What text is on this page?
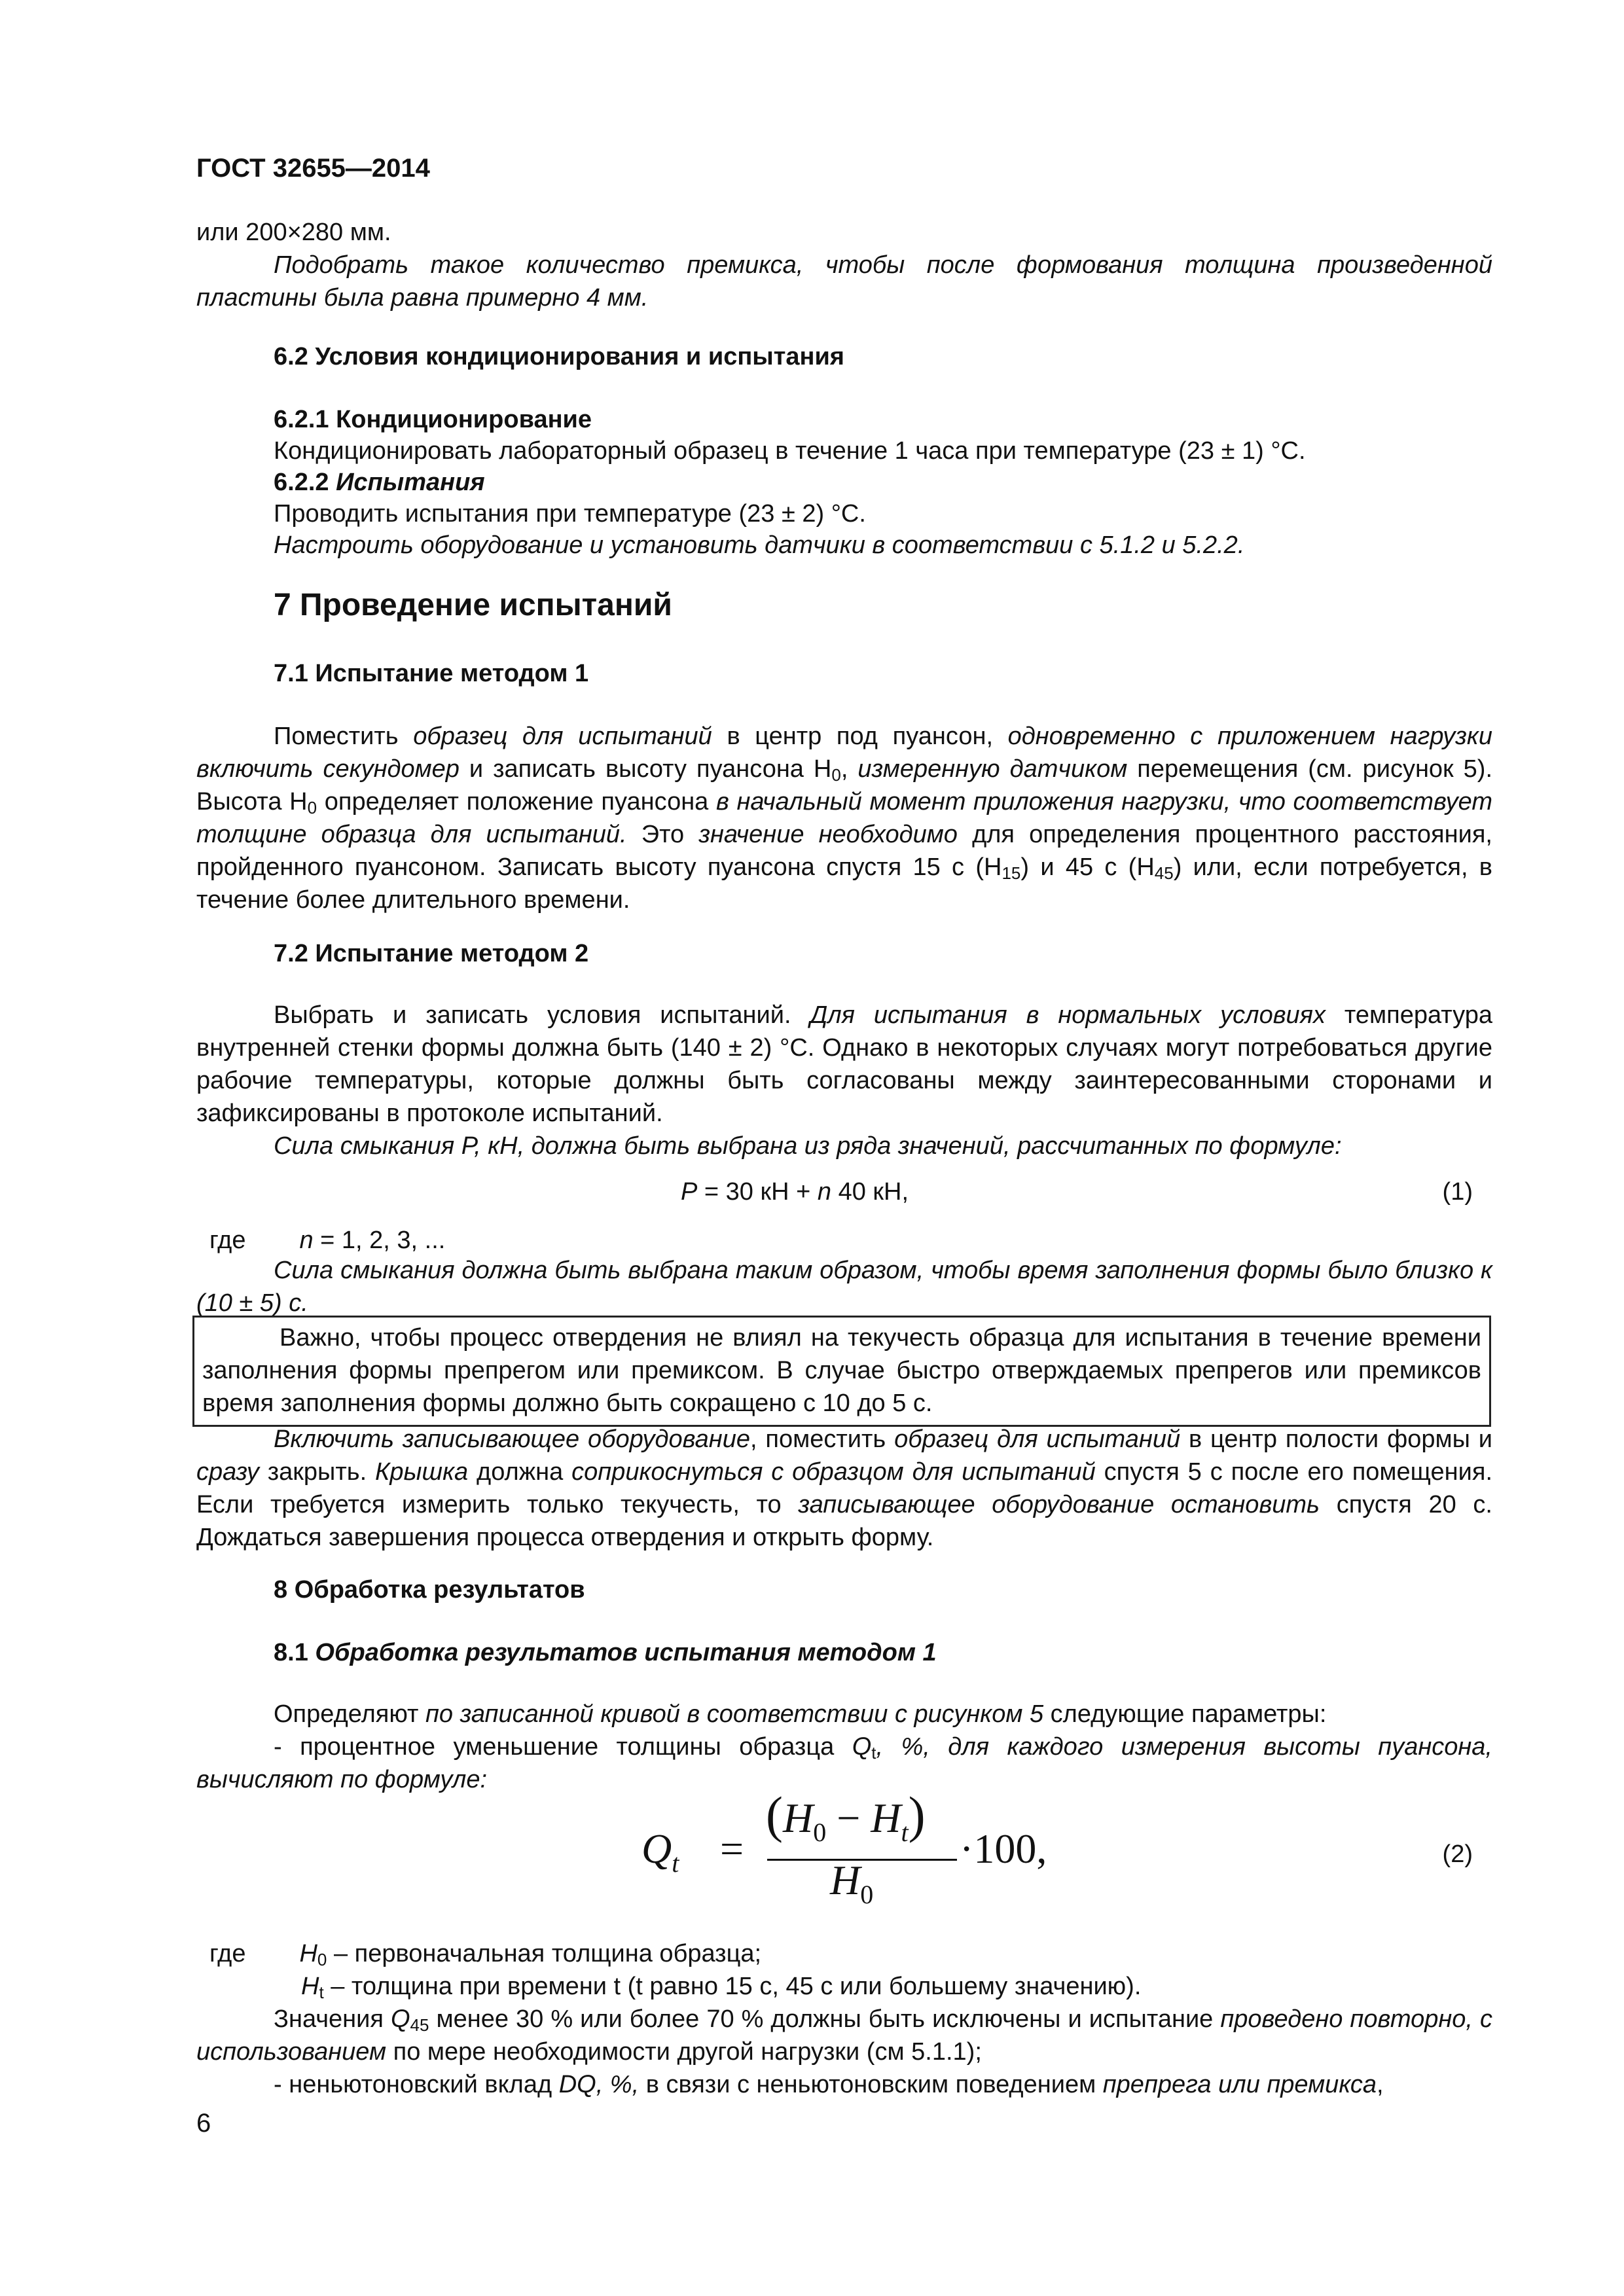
ГОСТ 32655—2014
или 200×280 мм.
Подобрать такое количество премикса, чтобы после формования толщина произведенной пластины была равна примерно 4 мм.
6.2 Условия кондиционирования и испытания
6.2.1 Кондиционирование
Кондиционировать лабораторный образец в течение 1 часа при температуре (23 ± 1) °С.
6.2.2 Испытания
Проводить испытания при температуре (23 ± 2) °С.
Настроить оборудование и установить датчики в соответствии с 5.1.2 и 5.2.2.
7 Проведение испытаний
7.1 Испытание методом 1
Поместить образец для испытаний в центр под пуансон, одновременно с приложением нагрузки включить секундомер и записать высоту пуансона $H_0$, измеренную датчиком перемещения (см. рисунок 5). Высота $H_0$ определяет положение пуансона в начальный момент приложения нагрузки, что соответствует толщине образца для испытаний. Это значение необходимо для определения процентного расстояния, пройденного пуансоном. Записать высоту пуансона спустя 15 с $(H_{15})$ и 45 с $(H_{45})$ или, если потребуется, в течение более длительного времени.
7.2 Испытание методом 2
Выбрать и записать условия испытаний. Для испытания в нормальных условиях температура внутренней стенки формы должна быть (140 ± 2) °С. Однако в некоторых случаях могут потребоваться другие рабочие температуры, которые должны быть согласованы между заинтересованными сторонами и зафиксированы в протоколе испытаний.
Сила смыкания Р, кН, должна быть выбрана из ряда значений, рассчитанных по формуле:
P = 30 кН + n 40 кН,	(1)
где n = 1, 2, 3, ...
Сила смыкания должна быть выбрана таким образом, чтобы время заполнения формы было близко к (10 ± 5) с.
Важно, чтобы процесс отвердения не влиял на текучесть образца для испытания в течение времени заполнения формы препрегом или премиксом. В случае быстро отверждаемых препрегов или премиксов время заполнения формы должно быть сокращено с 10 до 5 с.
Включить записывающее оборудование, поместить образец для испытаний в центр полости формы и сразу закрыть. Крышка должна соприкоснуться с образцом для испытаний спустя 5 с после его помещения. Если требуется измерить только текучесть, то записывающее оборудование остановить спустя 20 с. Дождаться завершения процесса отвердения и открыть форму.
8 Обработка результатов
8.1 Обработка результатов испытания методом 1
Определяют по записанной кривой в соответствии с рисунком 5 следующие параметры:
- процентное уменьшение толщины образца $Q_t$, %, для каждого измерения высоты пуансона, вычисляют по формуле:
$Q_t$ =
$(H_0 - H_t)$
$H_0$
·100,	(2)
где $H_0$ – первоначальная толщина образца;
$H_t$ – толщина при времени t (t равно 15 с, 45 с или большему значению).
Значения $Q_{45}$ менее 30 % или более 70 % должны быть исключены и испытание проведено повторно, с использованием по мере необходимости другой нагрузки (см 5.1.1);
- неньютоновский вклад DQ, %, в связи с неньютоновским поведением препрега или премикса,
6
